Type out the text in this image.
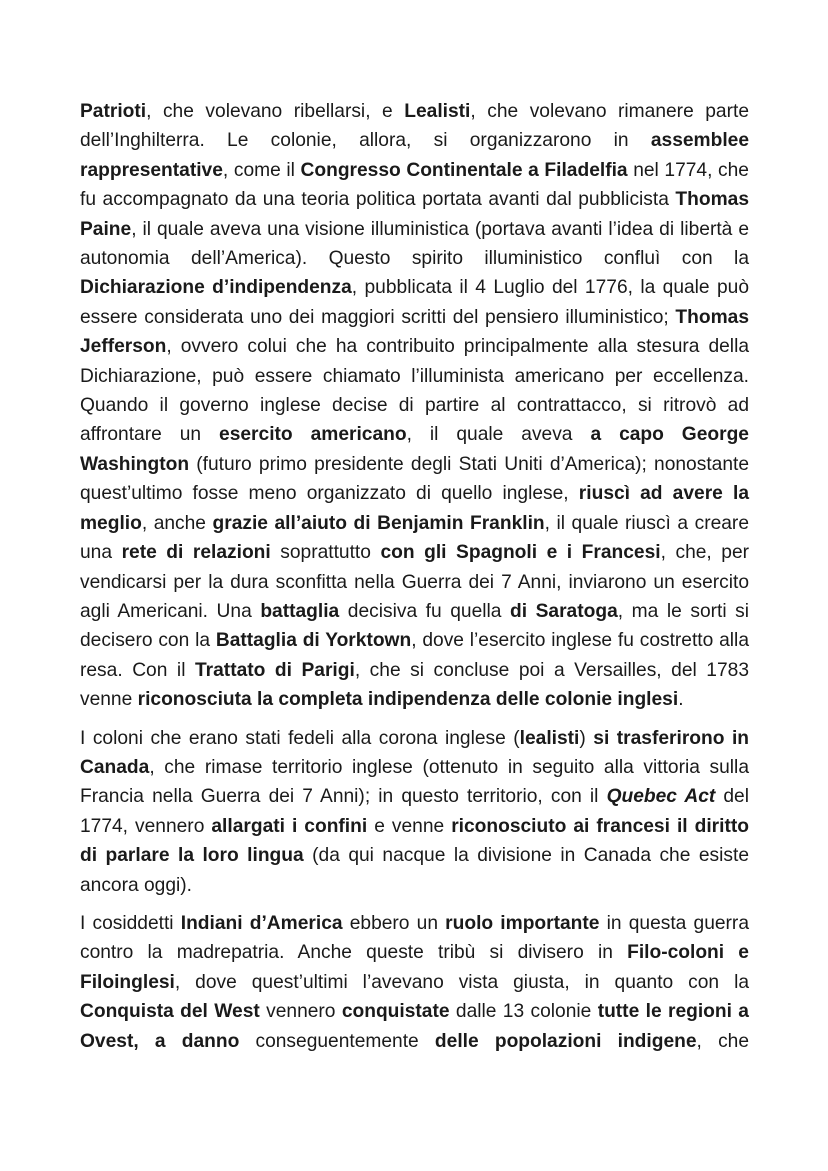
Patrioti, che volevano ribellarsi, e Lealisti, che volevano rimanere parte dell’Inghilterra. Le colonie, allora, si organizzarono in assemblee rappresentative, come il Congresso Continentale a Filadelfia nel 1774, che fu accompagnato da una teoria politica portata avanti dal pubblicista Thomas Paine, il quale aveva una visione illuministica (portava avanti l’idea di libertà e autonomia dell’America). Questo spirito illuministico confluì con la Dichiarazione d’indipendenza, pubblicata il 4 Luglio del 1776, la quale può essere considerata uno dei maggiori scritti del pensiero illuministico; Thomas Jefferson, ovvero colui che ha contribuito principalmente alla stesura della Dichiarazione, può essere chiamato l’illuminista americano per eccellenza. Quando il governo inglese decise di partire al contrattacco, si ritrovò ad affrontare un esercito americano, il quale aveva a capo George Washington (futuro primo presidente degli Stati Uniti d’America); nonostante quest’ultimo fosse meno organizzato di quello inglese, riuscì ad avere la meglio, anche grazie all’aiuto di Benjamin Franklin, il quale riuscì a creare una rete di relazioni soprattutto con gli Spagnoli e i Francesi, che, per vendicarsi per la dura sconfitta nella Guerra dei 7 Anni, inviarono un esercito agli Americani. Una battaglia decisiva fu quella di Saratoga, ma le sorti si decisero con la Battaglia di Yorktown, dove l’esercito inglese fu costretto alla resa. Con il Trattato di Parigi, che si concluse poi a Versailles, del 1783 venne riconosciuta la completa indipendenza delle colonie inglesi.

I coloni che erano stati fedeli alla corona inglese (lealisti) si trasferirono in Canada, che rimase territorio inglese (ottenuto in seguito alla vittoria sulla Francia nella Guerra dei 7 Anni); in questo territorio, con il Quebec Act del 1774, vennero allargati i confini e venne riconosciuto ai francesi il diritto di parlare la loro lingua (da qui nacque la divisione in Canada che esiste ancora oggi).

I cosiddetti Indiani d’America ebbero un ruolo importante in questa guerra contro la madrepatria. Anche queste tribù si divisero in Filo-coloni e Filoinglesi, dove quest’ultimi l’avevano vista giusta, in quanto con la Conquista del West vennero conquistate dalle 13 colonie tutte le regioni a Ovest, a danno conseguentemente delle popolazioni indigene, che
